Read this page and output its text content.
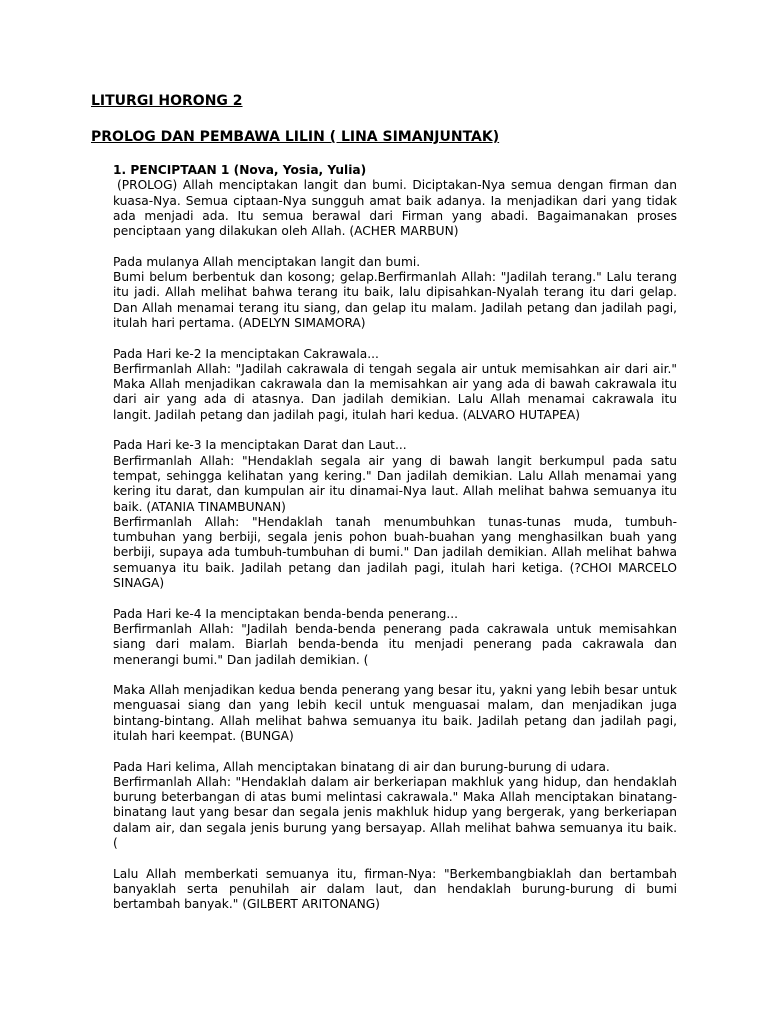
LITURGI HORONG 2

PROLOG DAN PEMBAWA LILIN ( LINA SIMANJUNTAK)

1. PENCIPTAAN 1 (Nova, Yosia, Yulia)

(PROLOG) Allah menciptakan langit dan bumi. Diciptakan-Nya semua dengan firman dan kuasa-Nya. Semua ciptaan-Nya sungguh amat baik adanya. Ia menjadikan dari yang tidak ada menjadi ada. Itu semua berawal dari Firman yang abadi. Bagaimanakan proses penciptaan yang dilakukan oleh Allah. (ACHER MARBUN)

Pada mulanya Allah menciptakan langit dan bumi.

Bumi belum berbentuk dan kosong; gelap.Berfirmanlah Allah: "Jadilah terang." Lalu terang itu jadi. Allah melihat bahwa terang itu baik, lalu dipisahkan-Nyalah terang itu dari gelap. Dan Allah menamai terang itu siang, dan gelap itu malam. Jadilah petang dan jadilah pagi, itulah hari pertama. (ADELYN SIMAMORA)

Pada Hari ke-2 Ia menciptakan Cakrawala...

Berfirmanlah Allah: "Jadilah cakrawala di tengah segala air untuk memisahkan air dari air." Maka Allah menjadikan cakrawala dan Ia memisahkan air yang ada di bawah cakrawala itu dari air yang ada di atasnya. Dan jadilah demikian. Lalu Allah menamai cakrawala itu langit. Jadilah petang dan jadilah pagi, itulah hari kedua. (ALVARO HUTAPEA)

Pada Hari ke-3 Ia menciptakan Darat dan Laut...

Berfirmanlah Allah: "Hendaklah segala air yang di bawah langit berkumpul pada satu tempat, sehingga kelihatan yang kering." Dan jadilah demikian. Lalu Allah menamai yang kering itu darat, dan kumpulan air itu dinamai-Nya laut. Allah melihat bahwa semuanya itu baik. (ATANIA TINAMBUNAN)

Berfirmanlah Allah: "Hendaklah tanah menumbuhkan tunas-tunas muda, tumbuh-tumbuhan yang berbiji, segala jenis pohon buah-buahan yang menghasilkan buah yang berbiji, supaya ada tumbuh-tumbuhan di bumi." Dan jadilah demikian. Allah melihat bahwa semuanya itu baik. Jadilah petang dan jadilah pagi, itulah hari ketiga. (?CHOI MARCELO SINAGA)

Pada Hari ke-4 Ia menciptakan benda-benda penerang...

Berfirmanlah Allah: "Jadilah benda-benda penerang pada cakrawala untuk memisahkan siang dari malam. Biarlah benda-benda itu menjadi penerang pada cakrawala dan menerangi bumi." Dan jadilah demikian. (

Maka Allah menjadikan kedua benda penerang yang besar itu, yakni yang lebih besar untuk menguasai siang dan yang lebih kecil untuk menguasai malam, dan menjadikan juga bintang-bintang. Allah melihat bahwa semuanya itu baik. Jadilah petang dan jadilah pagi, itulah hari keempat. (BUNGA)

Pada Hari kelima, Allah menciptakan binatang di air dan burung-burung di udara.

Berfirmanlah Allah: "Hendaklah dalam air berkeriapan makhluk yang hidup, dan hendaklah burung beterbangan di atas bumi melintasi cakrawala." Maka Allah menciptakan binatang-binatang laut yang besar dan segala jenis makhluk hidup yang bergerak, yang berkeriapan dalam air, dan segala jenis burung yang bersayap. Allah melihat bahwa semuanya itu baik. (

Lalu Allah memberkati semuanya itu, firman-Nya: "Berkembangbiaklah dan bertambah banyaklah serta penuhilah air dalam laut, dan hendaklah burung-burung di bumi bertambah banyak." (GILBERT ARITONANG)
